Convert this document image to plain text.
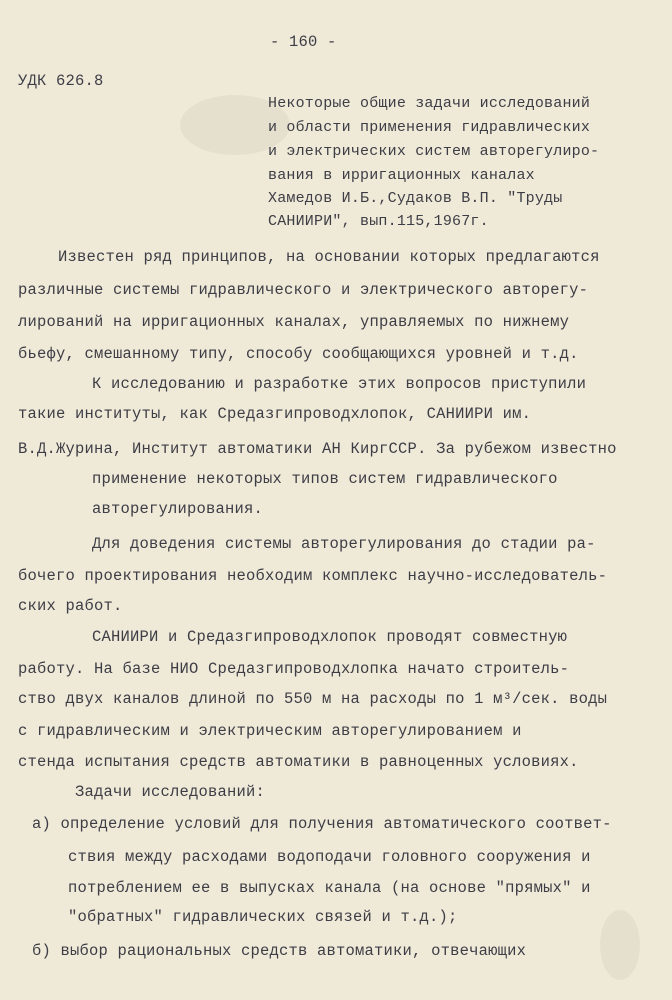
- 160 -
УДК 626.8
Некоторые общие задачи исследований
и области применения гидравлических
и электрических систем авторегулиро-
вания в ирригационных каналах
Хамедов И.Б.,Судаков В.П. "Труды
САНИИРИ", вып.115,1967г.
Известен ряд принципов, на основании которых предлагаются
различные системы гидравлического и электрического авторегу-
лирований на ирригационных каналах, управляемых по нижнему
бьефу, смешанному типу, способу сообщающихся уровней и т.д.
К исследованию и разработке этих вопросов приступили
такие институты, как Средазгипроводхлопок, САНИИРИ им.
В.Д.Журина, Институт автоматики АН КиргССР. За рубежом известно
применение некоторых типов систем гидравлического
авторегулирования.
Для доведения системы авторегулирования до стадии ра-
бочего проектирования необходим комплекс научно-исследователь-
ских работ.
САНИИРИ и Средазгипроводхлопок проводят совместную
работу. На базе НИО Средазгипроводхлопка начато строитель-
ство двух каналов длиной по 550 м на расходы по 1 м³/сек. воды
с гидравлическим и электрическим авторегулированием и
стенда испытания средств автоматики в равноценных условиях.
Задачи исследований:
а) определение условий для получения автоматического соответ-
ствия между расходами водоподачи головного сооружения и
потреблением ее в выпусках канала (на основе "прямых" и
"обратных" гидравлических связей и т.д.);
б) выбор рациональных средств автоматики, отвечающих
